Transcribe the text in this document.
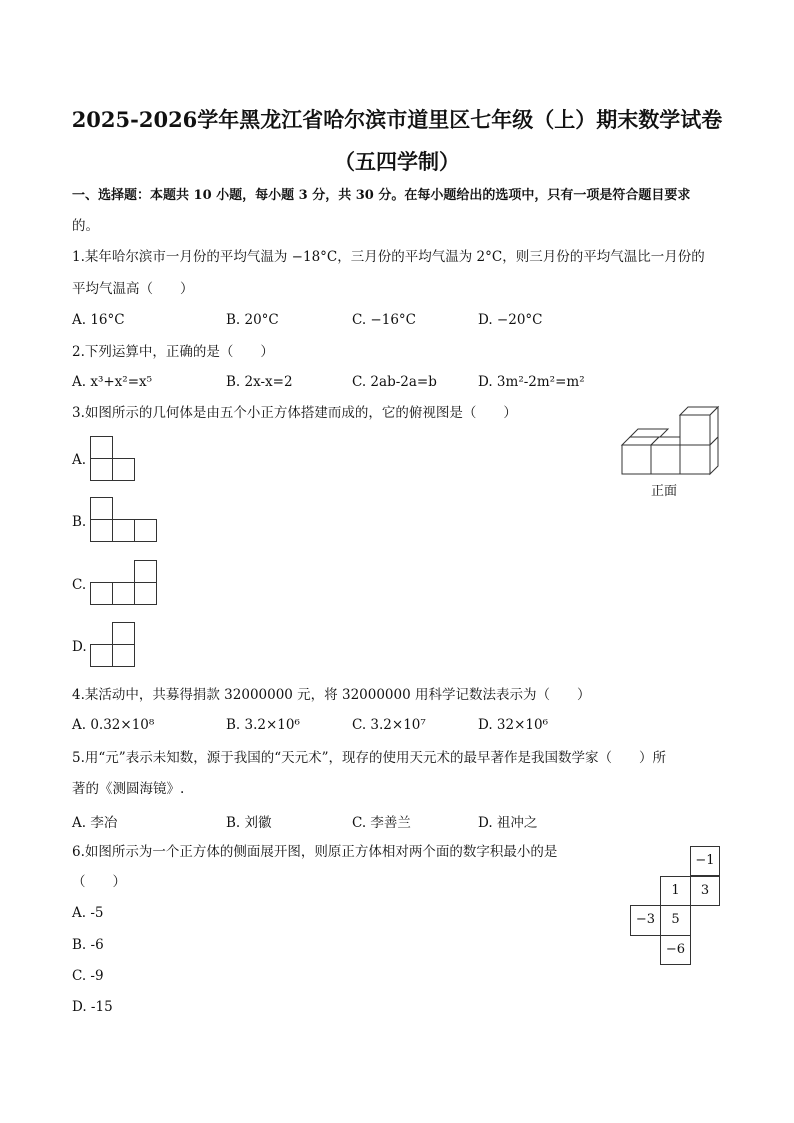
2025-2026学年黑龙江省哈尔滨市道里区七年级（上）期末数学试卷
（五四学制）
一、选择题：本题共 10 小题，每小题 3 分，共 30 分。在每小题给出的选项中，只有一项是符合题目要求
的。
1.某年哈尔滨市一月份的平均气温为 −18°C，三月份的平均气温为 2°C，则三月份的平均气温比一月份的
平均气温高（　　）
A. 16°C	B. 20°C	C. −16°C	D. −20°C
2.下列运算中，正确的是（　　）
A. x³+x²=x⁵	B. 2x-x=2	C. 2ab-2a=b	D. 3m²-2m²=m²
3.如图所示的几何体是由五个小正方体搭建而成的，它的俯视图是（　　）
A.
B.
C.
D.
正面
4.某活动中，共募得捐款 32000000 元，将 32000000 用科学记数法表示为（　　）
A. 0.32×10⁸	B. 3.2×10⁶	C. 3.2×10⁷	D. 32×10⁶
5.用“元”表示未知数，源于我国的“天元术”，现存的使用天元术的最早著作是我国数学家（　　）所
著的《测圆海镜》.
A. 李冶	B. 刘徽	C. 李善兰	D. 祖冲之
6.如图所示为一个正方体的侧面展开图，则原正方体相对两个面的数字积最小的是
（　　）
A. -5
B. -6
C. -9
D. -15
−1
1	3
−3	5
−6
